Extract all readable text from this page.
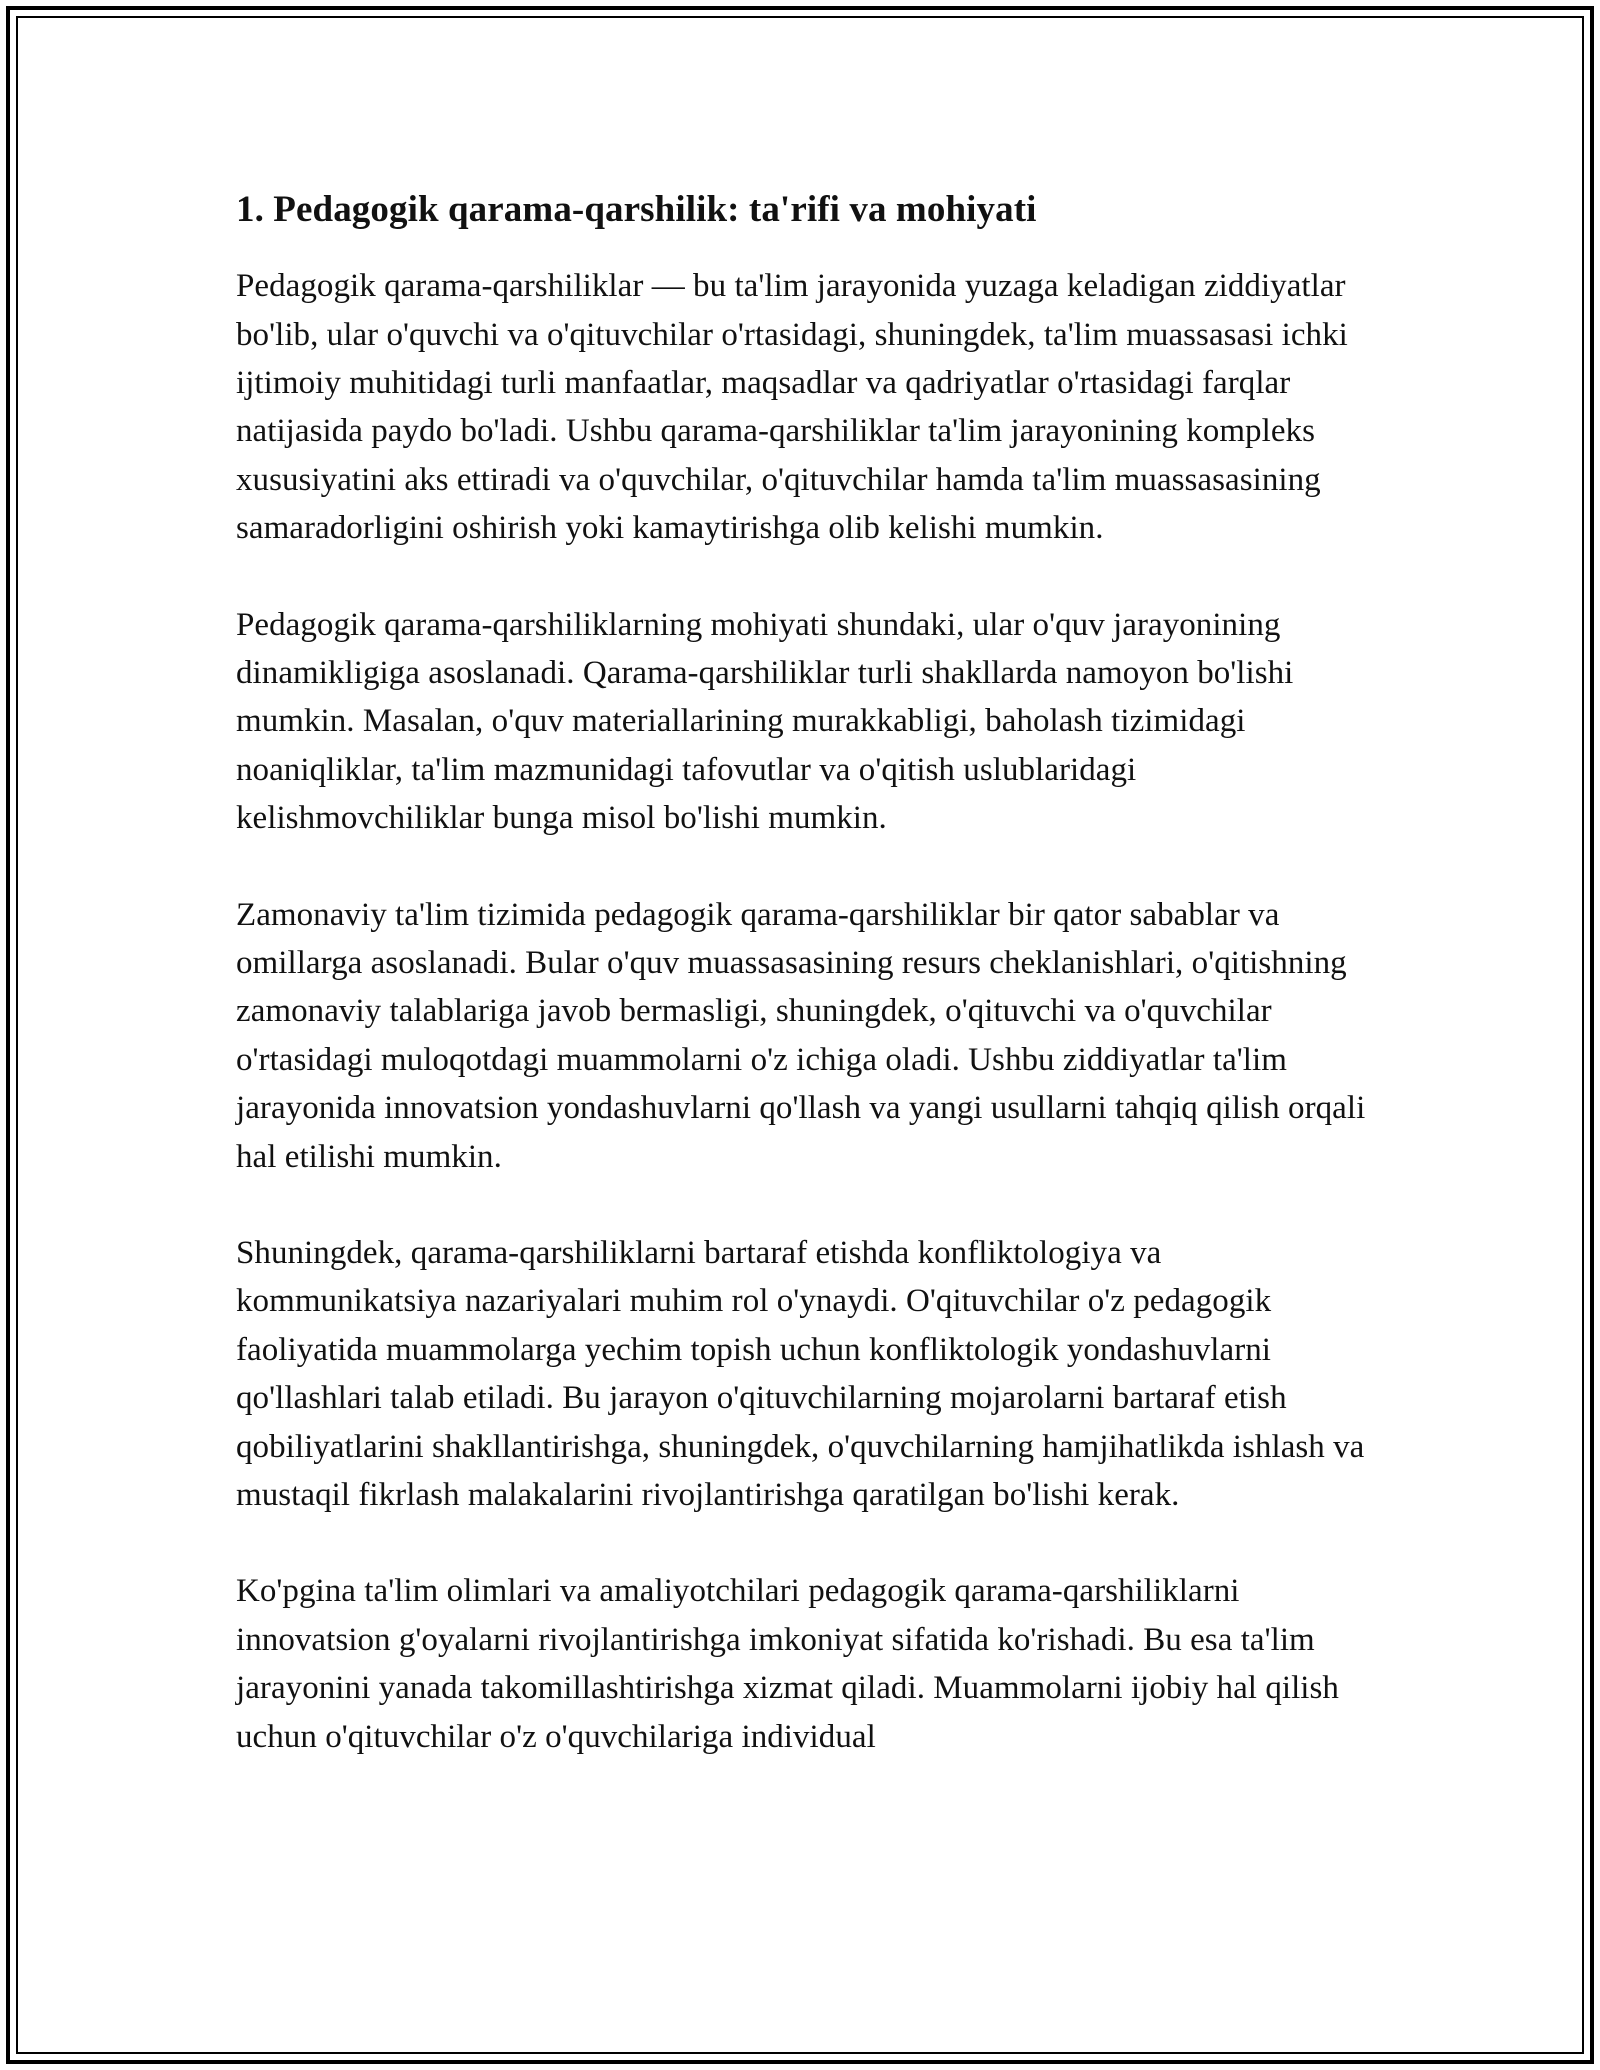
1. Pedagogik qarama-qarshilik: ta'rifi va mohiyati

Pedagogik qarama-qarshiliklar — bu ta'lim jarayonida yuzaga keladigan ziddiyatlar bo'lib, ular o'quvchi va o'qituvchilar o'rtasidagi, shuningdek, ta'lim muassasasi ichki ijtimoiy muhitidagi turli manfaatlar, maqsadlar va qadriyatlar o'rtasidagi farqlar natijasida paydo bo'ladi. Ushbu qarama-qarshiliklar ta'lim jarayonining kompleks xususiyatini aks ettiradi va o'quvchilar, o'qituvchilar hamda ta'lim muassasasining samaradorligini oshirish yoki kamaytirishga olib kelishi mumkin.

Pedagogik qarama-qarshiliklarning mohiyati shundaki, ular o'quv jarayonining dinamikligiga asoslanadi. Qarama-qarshiliklar turli shakllarda namoyon bo'lishi mumkin. Masalan, o'quv materiallarining murakkabligi, baholash tizimidagi noaniqliklar, ta'lim mazmunidagi tafovutlar va o'qitish uslublaridagi kelishmovchiliklar bunga misol bo'lishi mumkin.

Zamonaviy ta'lim tizimida pedagogik qarama-qarshiliklar bir qator sabablar va omillarga asoslanadi. Bular o'quv muassasasining resurs cheklanishlari, o'qitishning zamonaviy talablariga javob bermasligi, shuningdek, o'qituvchi va o'quvchilar o'rtasidagi muloqotdagi muammolarni o'z ichiga oladi. Ushbu ziddiyatlar ta'lim jarayonida innovatsion yondashuvlarni qo'llash va yangi usullarni tahqiq qilish orqali hal etilishi mumkin.

Shuningdek, qarama-qarshiliklarni bartaraf etishda konfliktologiya va kommunikatsiya nazariyalari muhim rol o'ynaydi. O'qituvchilar o'z pedagogik faoliyatida muammolarga yechim topish uchun konfliktologik yondashuvlarni qo'llashlari talab etiladi. Bu jarayon o'qituvchilarning mojarolarni bartaraf etish qobiliyatlarini shakllantirishga, shuningdek, o'quvchilarning hamjihatlikda ishlash va mustaqil fikrlash malakalarini rivojlantirishga qaratilgan bo'lishi kerak.

Ko'pgina ta'lim olimlari va amaliyotchilari pedagogik qarama-qarshiliklarni innovatsion g'oyalarni rivojlantirishga imkoniyat sifatida ko'rishadi. Bu esa ta'lim jarayonini yanada takomillashtirishga xizmat qiladi. Muammolarni ijobiy hal qilish uchun o'qituvchilar o'z o'quvchilariga individual
